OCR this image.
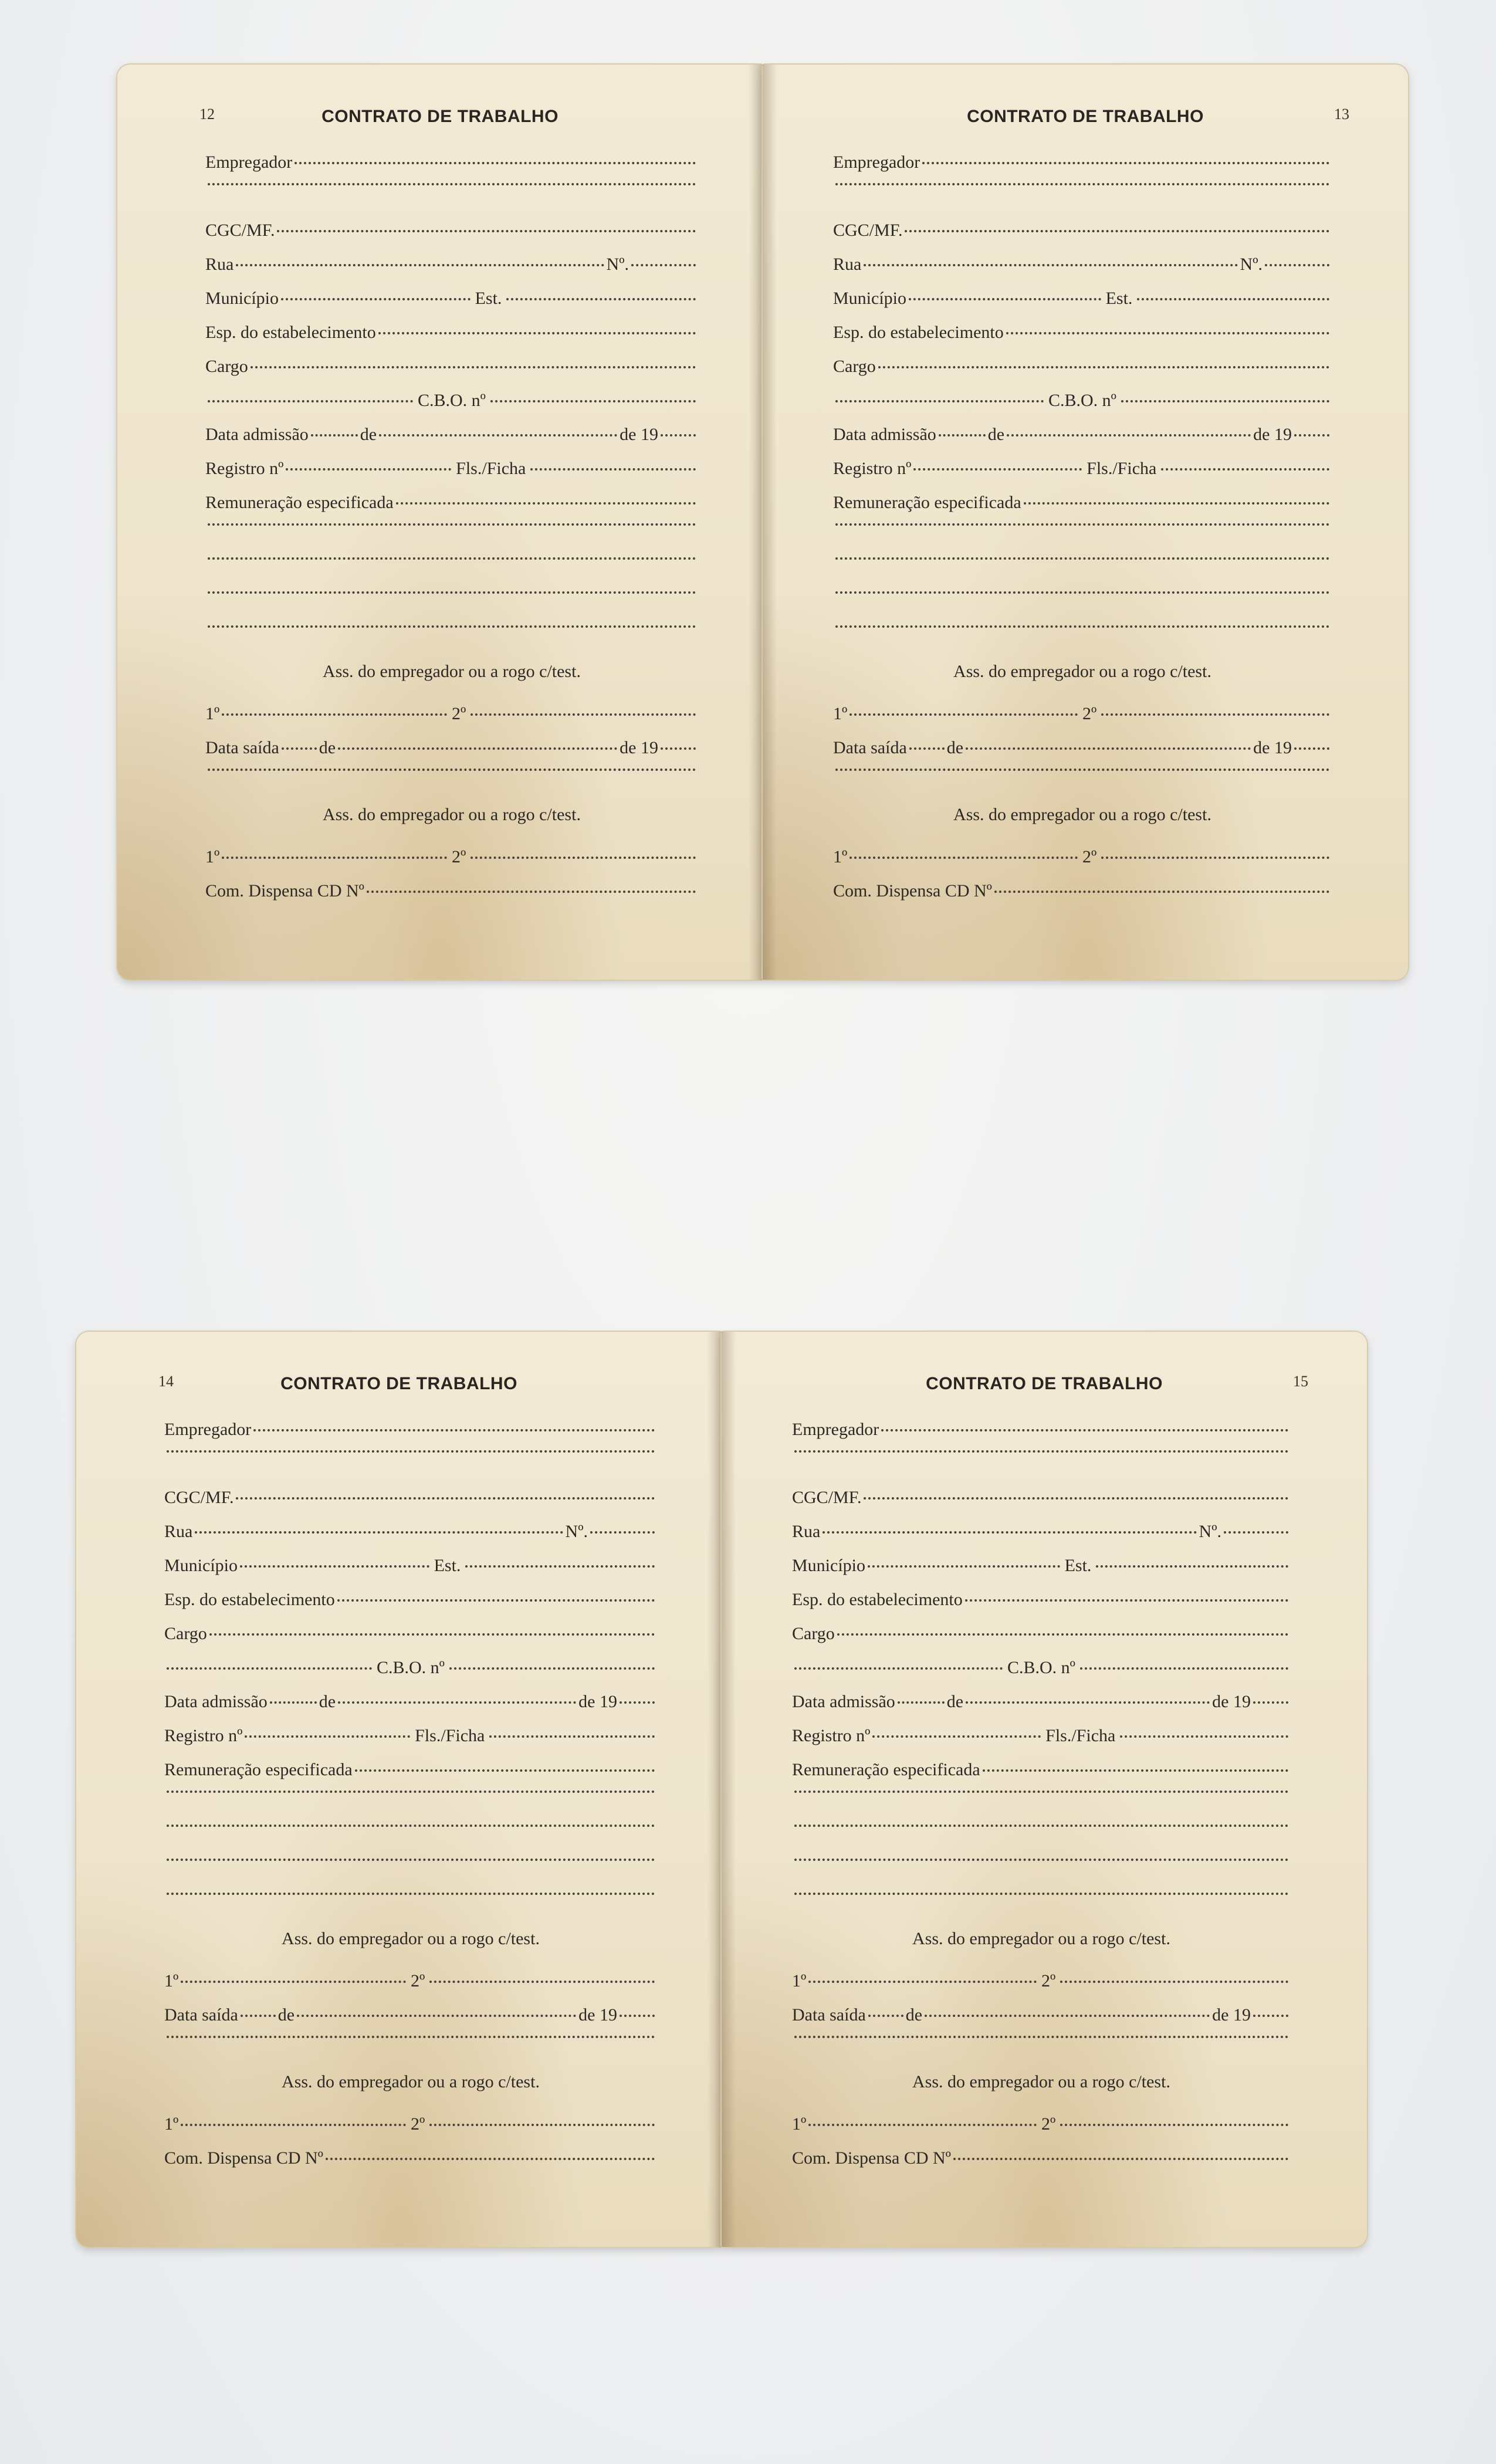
12	CONTRATO DE TRABALHO
Empregador
CGC/MF.
Rua	Nº.
Município	Est.
Esp. do estabelecimento
Cargo
C.B.O. nº
Data admissão	de	de 19
Registro nº	Fls./Ficha
Remuneração especificada
Ass. do empregador ou a rogo c/test.
1º	2º
Data saída de	de 19
Ass. do empregador ou a rogo c/test.
1º	2º
Com. Dispensa CD Nº
13
CONTRATO DE TRABALHO
Empregador
CGC/MF.
Rua	Nº.
Município	Est.
Esp. do estabelecimento
Cargo
C.B.O. nº
Data admissão	de	de 19
Registro nº	Fls./Ficha
Remuneração especificada
Ass. do empregador ou a rogo c/test.
1º	2º
Data saída de	de 19
Ass. do empregador ou a rogo c/test.
1º	2º
Com. Dispensa CD Nº
14	CONTRATO DE TRABALHO
Empregador
CGC/MF.
Rua	Nº.
Município	Est.
Esp. do estabelecimento
Cargo
C.B.O. nº
Data admissão	de	de 19
Registro nº	Fls./Ficha
Remuneração especificada
Ass. do empregador ou a rogo c/test.
1º	2º
Data saída de	de 19
Ass. do empregador ou a rogo c/test.
1º	2º
Com. Dispensa CD Nº
15
CONTRATO DE TRABALHO
Empregador
CGC/MF.
Rua	Nº.
Município	Est.
Esp. do estabelecimento
Cargo
C.B.O. nº
Data admissão	de	de 19
Registro nº	Fls./Ficha
Remuneração especificada
Ass. do empregador ou a rogo c/test.
1º	2º
Data saída de	de 19
Ass. do empregador ou a rogo c/test.
1º	2º
Com. Dispensa CD Nº
